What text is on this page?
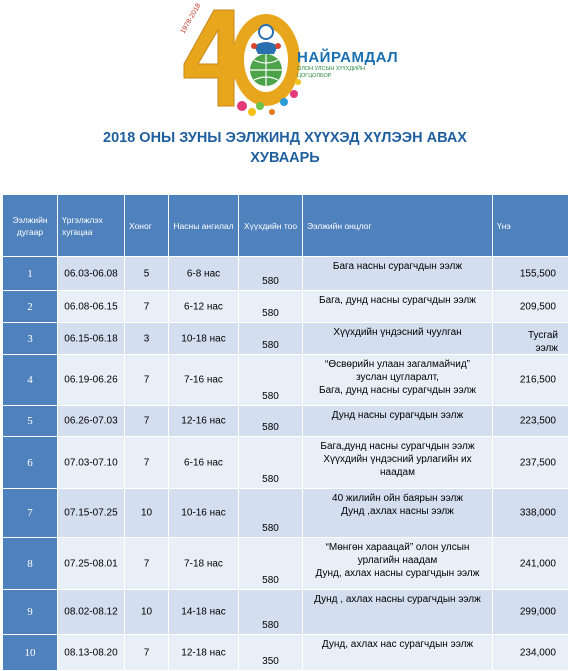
1978-2018
НАЙРАМДАЛ
ОЛОН УЛСЫН ХҮҮХДИЙН ЦОГЦОЛБОР
2018 ОНЫ ЗУНЫ ЭЭЛЖИНД ХҮҮХЭД ХҮЛЭЭН АВАХ
ХУВААРЬ
Ээлжийн дугаар	Үргэлжлэх хугацаа	Хоног	Насны ангилал	Хүүхдийн тоо	Ээлжийн онцлог	Үнэ

1	06.03-06.08	5	6-8 нас	580	Бага насны сурагчдын ээлж	155,500

2	06.08-06.15	7	6-12 нас	580	Бага, дунд насны сурагчдын ээлж	209,500

3	06.15-06.18	3	10-18 нас	580	Хүүхдийн үндэсний чуулган	Тусгай ээлж

4	06.19-06.26	7	7-16 нас	580	“Өсвөрийн улаан загалмайчид”
зуслан цугларалт,
Бага, дунд насны сурагчдын ээлж	216,500

5	06.26-07.03	7	12-16 нас	580	Дунд насны сурагчдын ээлж	223,500

6	07.03-07.10	7	6-16 нас	580	Бага,дунд насны сурагчдын ээлж
Хүүхдийн үндэсний урлагийн их
наадам	237,500

7	07.15-07.25	10	10-16 нас	580	40 жилийн ойн баярын ээлж
Дунд ,ахлах насны ээлж	338,000

8	07.25-08.01	7	7-18 нас	580	“Мөнгөн хараацай” олон улсын
урлагийн наадам
Дунд, ахлах насны сурагчдын ээлж	241,000

9	08.02-08.12	10	14-18 нас	580	Дунд , ахлах насны сурагчдын ээлж	299,000

10	08.13-08.20	7	12-18 нас	350	Дунд, ахлах нас сурагчдын ээлж	234,000
